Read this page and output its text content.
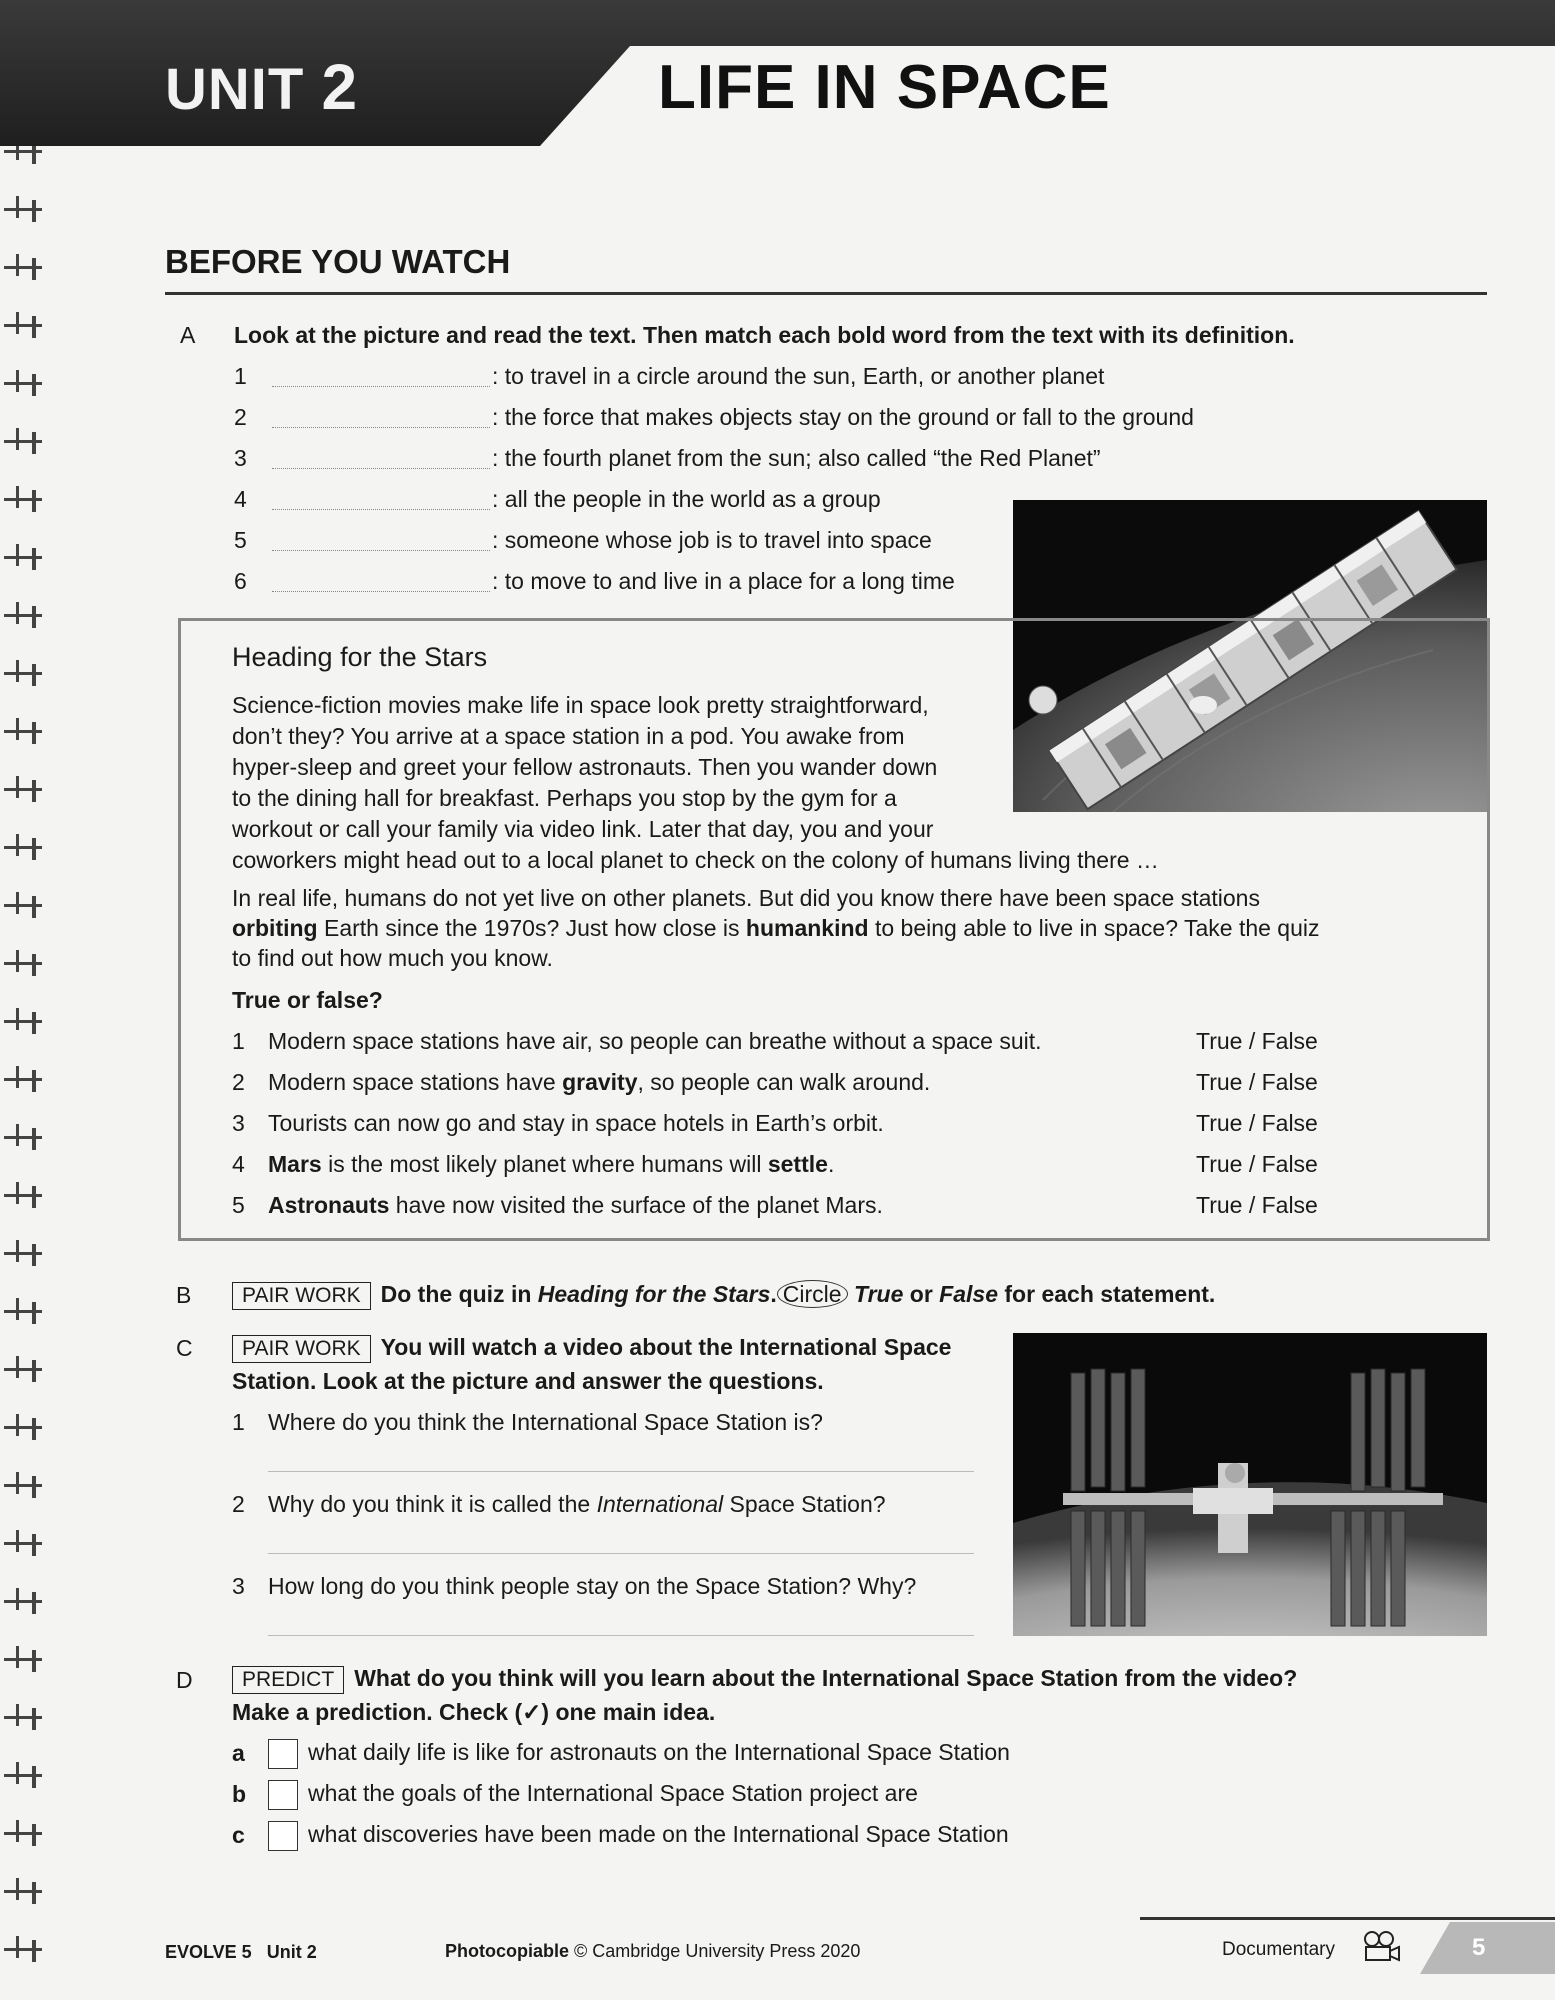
UNIT 2	LIFE IN SPACE
BEFORE YOU WATCH
A Look at the picture and read the text. Then match each bold word from the text with its definition.
1	: to travel in a circle around the sun, Earth, or another planet
2	: the force that makes objects stay on the ground or fall to the ground
3	: the fourth planet from the sun; also called “the Red Planet”
4	: all the people in the world as a group
5	: someone whose job is to travel into space
6	: to move to and live in a place for a long time
Heading for the Stars
Science-fiction movies make life in space look pretty straightforward,
don’t they? You arrive at a space station in a pod. You awake from
hyper-sleep and greet your fellow astronauts. Then you wander down
to the dining hall for breakfast. Perhaps you stop by the gym for a
workout or call your family via video link. Later that day, you and your
coworkers might head out to a local planet to check on the colony of humans living there …
In real life, humans do not yet live on other planets. But did you know there have been space stations
orbiting Earth since the 1970s? Just how close is humankind to being able to live in space? Take the quiz
to find out how much you know.
True or false?
1 Modern space stations have air, so people can breathe without a space suit.	True / False
2 Modern space stations have gravity, so people can walk around.	True / False
3 Tourists can now go and stay in space hotels in Earth’s orbit.	True / False
4 Mars is the most likely planet where humans will settle.	True / False
5 Astronauts have now visited the surface of the planet Mars.	True / False
B	PAIR WORK Do the quiz in Heading for the Stars. Circle True or False for each statement.
C	PAIR WORK You will watch a video about the International Space
Station. Look at the picture and answer the questions.
1 Where do you think the International Space Station is?
2 Why do you think it is called the International Space Station?
3 How long do you think people stay on the Space Station? Why?
D	PREDICT What do you think will you learn about the International Space Station from the video?
Make a prediction. Check (✓) one main idea.
a	what daily life is like for astronauts on the International Space Station
b	what the goals of the International Space Station project are
c	what discoveries have been made on the International Space Station
EVOLVE 5   Unit 2	Photocopiable © Cambridge University Press 2020	Documentary	5
